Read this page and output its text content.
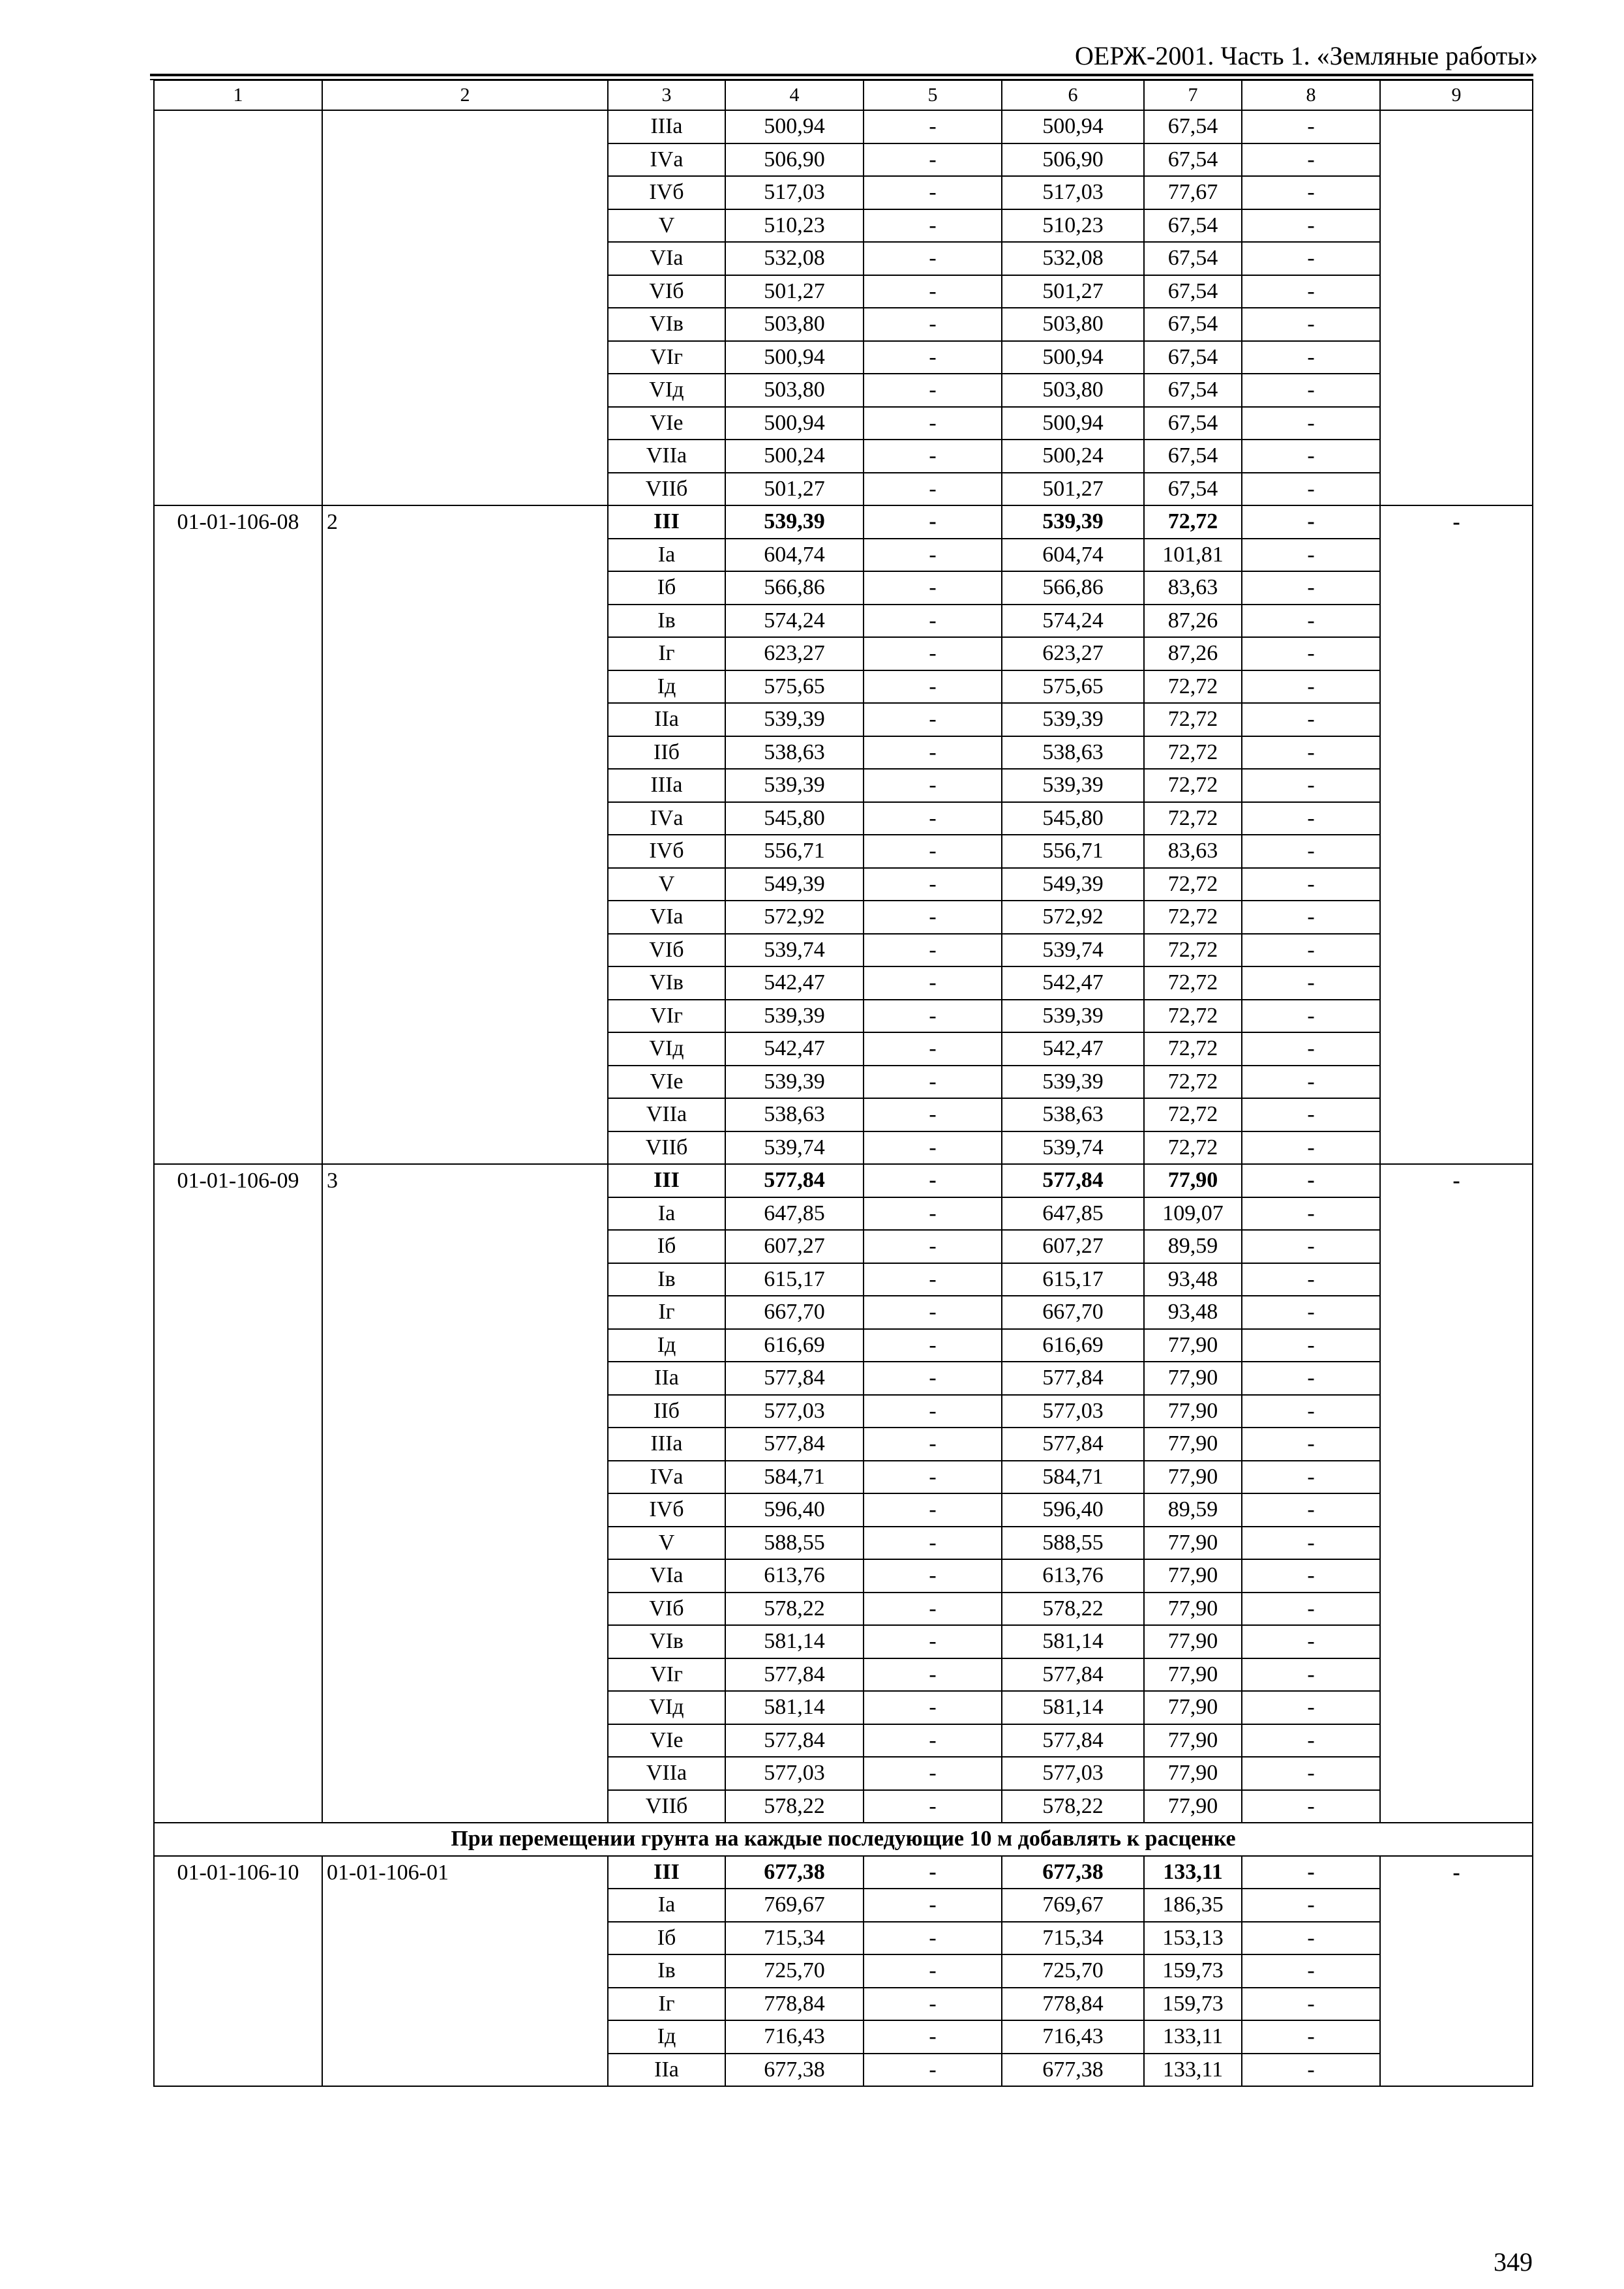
ОЕРЖ-2001. Часть 1. «Земляные работы»
1	2	3	4	5	6	7	8	9
		IIIа	500,94	-	500,94	67,54	-	
		IVа	506,90	-	506,90	67,54	-	
		IVб	517,03	-	517,03	77,67	-	
		V	510,23	-	510,23	67,54	-	
		VIа	532,08	-	532,08	67,54	-	
		VIб	501,27	-	501,27	67,54	-	
		VIв	503,80	-	503,80	67,54	-	
		VIг	500,94	-	500,94	67,54	-	
		VIд	503,80	-	503,80	67,54	-	
		VIе	500,94	-	500,94	67,54	-	
		VIIа	500,24	-	500,24	67,54	-	
		VIIб	501,27	-	501,27	67,54	-	
01-01-106-08	2	III	539,39	-	539,39	72,72	-	-
		Iа	604,74	-	604,74	101,81	-	
		Iб	566,86	-	566,86	83,63	-	
		Iв	574,24	-	574,24	87,26	-	
		Iг	623,27	-	623,27	87,26	-	
		Iд	575,65	-	575,65	72,72	-	
		IIа	539,39	-	539,39	72,72	-	
		IIб	538,63	-	538,63	72,72	-	
		IIIа	539,39	-	539,39	72,72	-	
		IVа	545,80	-	545,80	72,72	-	
		IVб	556,71	-	556,71	83,63	-	
		V	549,39	-	549,39	72,72	-	
		VIа	572,92	-	572,92	72,72	-	
		VIб	539,74	-	539,74	72,72	-	
		VIв	542,47	-	542,47	72,72	-	
		VIг	539,39	-	539,39	72,72	-	
		VIд	542,47	-	542,47	72,72	-	
		VIе	539,39	-	539,39	72,72	-	
		VIIа	538,63	-	538,63	72,72	-	
		VIIб	539,74	-	539,74	72,72	-	
01-01-106-09	3	III	577,84	-	577,84	77,90	-	-
		Iа	647,85	-	647,85	109,07	-	
		Iб	607,27	-	607,27	89,59	-	
		Iв	615,17	-	615,17	93,48	-	
		Iг	667,70	-	667,70	93,48	-	
		Iд	616,69	-	616,69	77,90	-	
		IIа	577,84	-	577,84	77,90	-	
		IIб	577,03	-	577,03	77,90	-	
		IIIа	577,84	-	577,84	77,90	-	
		IVа	584,71	-	584,71	77,90	-	
		IVб	596,40	-	596,40	89,59	-	
		V	588,55	-	588,55	77,90	-	
		VIа	613,76	-	613,76	77,90	-	
		VIб	578,22	-	578,22	77,90	-	
		VIв	581,14	-	581,14	77,90	-	
		VIг	577,84	-	577,84	77,90	-	
		VIд	581,14	-	581,14	77,90	-	
		VIе	577,84	-	577,84	77,90	-	
		VIIа	577,03	-	577,03	77,90	-	
		VIIб	578,22	-	578,22	77,90	-	
При перемещении грунта на каждые последующие 10 м добавлять к расценке								
01-01-106-10	01-01-106-01	III	677,38	-	677,38	133,11	-	-
		Iа	769,67	-	769,67	186,35	-	
		Iб	715,34	-	715,34	153,13	-	
		Iв	725,70	-	725,70	159,73	-	
		Iг	778,84	-	778,84	159,73	-	
		Iд	716,43	-	716,43	133,11	-	
		IIа	677,38	-	677,38	133,11	-	
349
